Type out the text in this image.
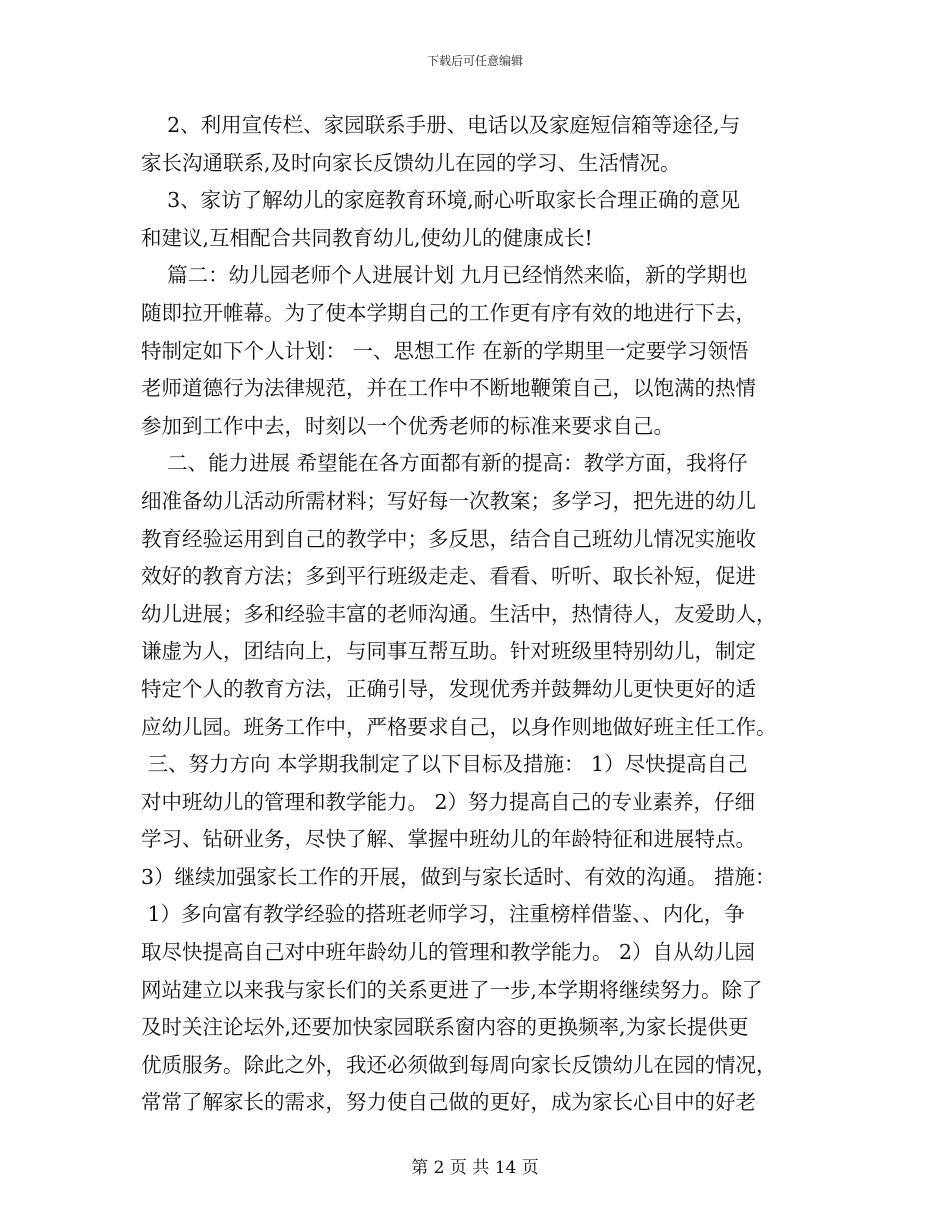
下载后可任意编辑
2、利用宣传栏、家园联系手册、电话以及家庭短信箱等途径,与
家长沟通联系,及时向家长反馈幼儿在园的学习、生活情况。
3、家访了解幼儿的家庭教育环境,耐心听取家长合理正确的意见
和建议,互相配合共同教育幼儿,使幼儿的健康成长!
篇二：幼儿园老师个人进展计划 九月已经悄然来临，新的学期也
随即拉开帷幕。为了使本学期自己的工作更有序有效的地进行下去，
特制定如下个人计划： 一、思想工作 在新的学期里一定要学习领悟
老师道德行为法律规范，并在工作中不断地鞭策自己，以饱满的热情
参加到工作中去，时刻以一个优秀老师的标准来要求自己。
二、能力进展 希望能在各方面都有新的提高：教学方面，我将仔
细准备幼儿活动所需材料；写好每一次教案；多学习，把先进的幼儿
教育经验运用到自己的教学中；多反思，结合自己班幼儿情况实施收
效好的教育方法；多到平行班级走走、看看、听听、取长补短，促进
幼儿进展；多和经验丰富的老师沟通。生活中，热情待人，友爱助人，
谦虚为人，团结向上，与同事互帮互助。针对班级里特别幼儿，制定
特定个人的教育方法，正确引导，发现优秀并鼓舞幼儿更快更好的适
应幼儿园。班务工作中，严格要求自己，以身作则地做好班主任工作。
三、努力方向 本学期我制定了以下目标及措施： 1）尽快提高自己
对中班幼儿的管理和教学能力。 2）努力提高自己的专业素养，仔细
学习、钻研业务，尽快了解、掌握中班幼儿的年龄特征和进展特点。
3）继续加强家长工作的开展，做到与家长适时、有效的沟通。 措施：
1）多向富有教学经验的搭班老师学习，注重榜样借鉴、、内化，争
取尽快提高自己对中班年龄幼儿的管理和教学能力。 2）自从幼儿园
网站建立以来我与家长们的关系更进了一步,本学期将继续努力。除了
及时关注论坛外,还要加快家园联系窗内容的更换频率,为家长提供更
优质服务。除此之外，我还必须做到每周向家长反馈幼儿在园的情况，
常常了解家长的需求，努力使自己做的更好，成为家长心目中的好老
第 2 页 共 14 页
